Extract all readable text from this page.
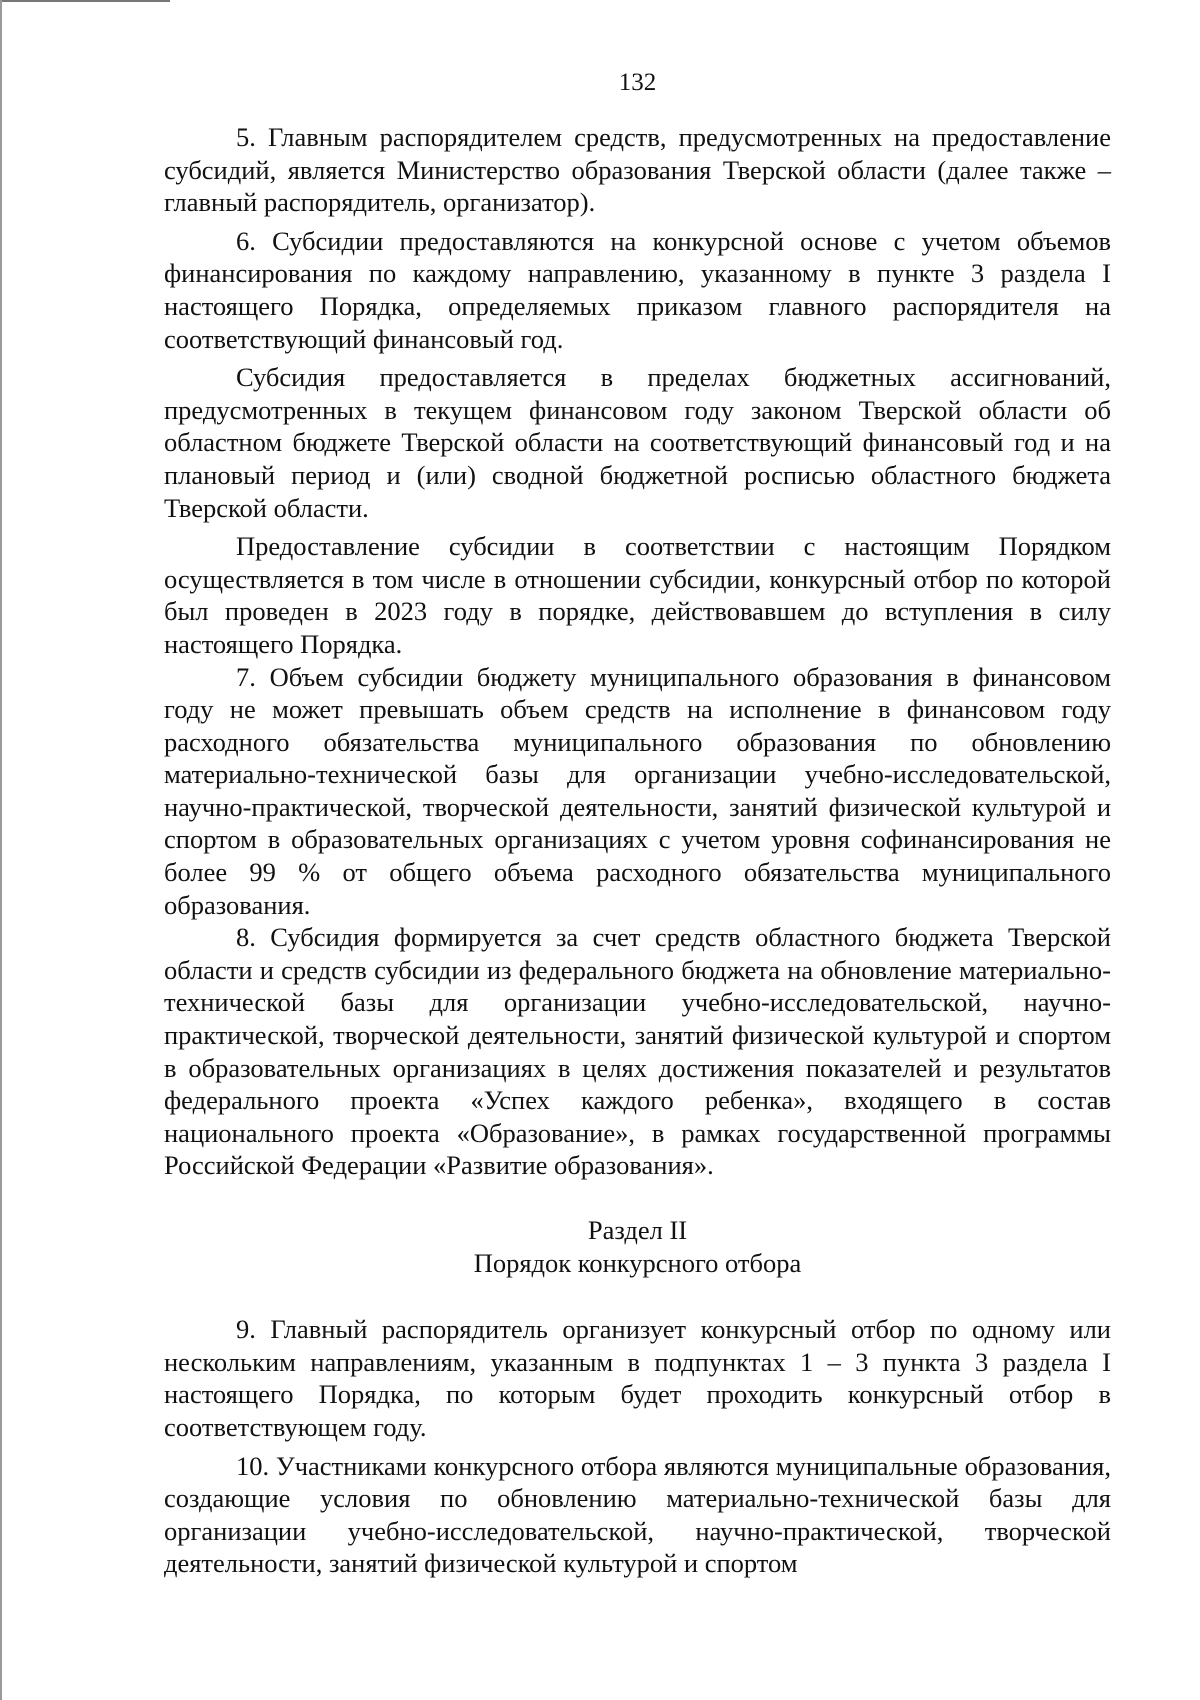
132

5. Главным распорядителем средств, предусмотренных на предоставление субсидий, является Министерство образования Тверской области (далее также – главный распорядитель, организатор).

6. Субсидии предоставляются на конкурсной основе с учетом объемов финансирования по каждому направлению, указанному в пункте 3 раздела I настоящего Порядка, определяемых приказом главного распорядителя на соответствующий финансовый год.

Субсидия предоставляется в пределах бюджетных ассигнований, предусмотренных в текущем финансовом году законом Тверской области об областном бюджете Тверской области на соответствующий финансовый год и на плановый период и (или) сводной бюджетной росписью областного бюджета Тверской области.

Предоставление субсидии в соответствии с настоящим Порядком осуществляется в том числе в отношении субсидии, конкурсный отбор по которой был проведен в 2023 году в порядке, действовавшем до вступления в силу настоящего Порядка.

7. Объем субсидии бюджету муниципального образования в финансовом году не может превышать объем средств на исполнение в финансовом году расходного обязательства муниципального образования по обновлению материально-технической базы для организации учебно-исследовательской, научно-практической, творческой деятельности, занятий физической культурой и спортом в образовательных организациях с учетом уровня софинансирования не более 99 % от общего объема расходного обязательства муниципального образования.

8. Субсидия формируется за счет средств областного бюджета Тверской области и средств субсидии из федерального бюджета на обновление материально-технической базы для организации учебно-исследовательской, научно-практической, творческой деятельности, занятий физической культурой и спортом в образовательных организациях в целях достижения показателей и результатов федерального проекта «Успех каждого ребенка», входящего в состав национального проекта «Образование», в рамках государственной программы Российской Федерации «Развитие образования».

Раздел II

Порядок конкурсного отбора

9. Главный распорядитель организует конкурсный отбор по одному или нескольким направлениям, указанным в подпунктах 1 – 3 пункта 3 раздела I настоящего Порядка, по которым будет проходить конкурсный отбор в соответствующем году.

10. Участниками конкурсного отбора являются муниципальные образования, создающие условия по обновлению материально-технической базы для организации учебно-исследовательской, научно-практической, творческой деятельности, занятий физической культурой и спортом
